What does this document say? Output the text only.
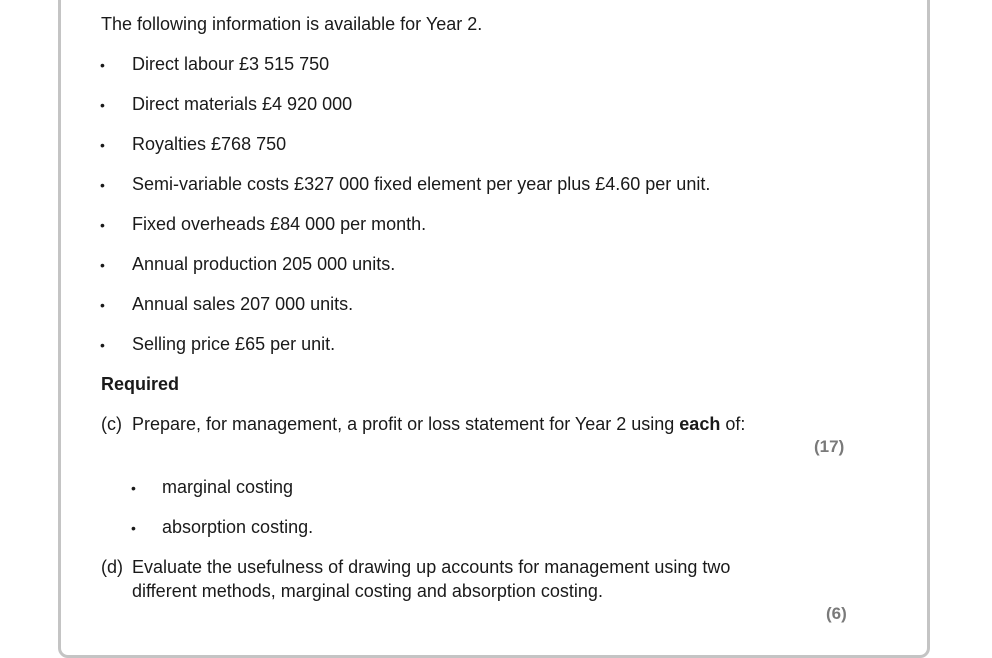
The following information is available for Year 2.
• Direct labour £3 515 750
• Direct materials £4 920 000
• Royalties £768 750
• Semi-variable costs £327 000 fixed element per year plus £4.60 per unit.
• Fixed overheads £84 000 per month.
• Annual production 205 000 units.
• Annual sales 207 000 units.
• Selling price £65 per unit.
Required
(c) Prepare, for management, a profit or loss statement for Year 2 using each of:
(17)
• marginal costing
• absorption costing.
(d) Evaluate the usefulness of drawing up accounts for management using two
different methods, marginal costing and absorption costing.
(6)
